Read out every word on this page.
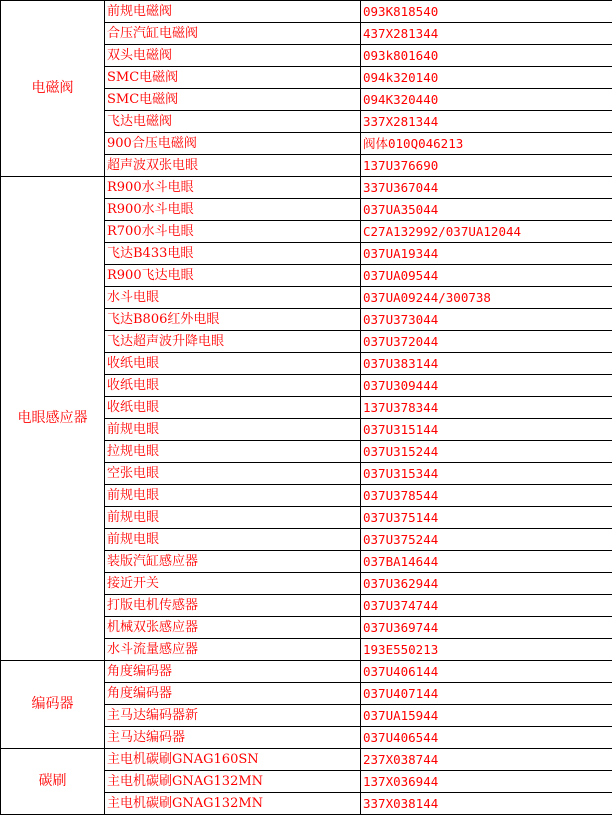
电磁阀	前规电磁阀	093K818540
	合压汽缸电磁阀	437X281344
	双头电磁阀	093k801640
	SMC电磁阀	094k320140
	SMC电磁阀	094K320440
	飞达电磁阀	337X281344
	900合压电磁阀	阀体010Q046213
	超声波双张电眼	137U376690
电眼感应器	R900水斗电眼	337U367044
	R900水斗电眼	037UA35044
	R700水斗电眼	C27A132992/037UA12044
	飞达B433电眼	037UA19344
	R900飞达电眼	037UA09544
	水斗电眼	037UA09244/300738
	飞达B806红外电眼	037U373044
	飞达超声波升降电眼	037U372044
	收纸电眼	037U383144
	收纸电眼	037U309444
	收纸电眼	137U378344
	前规电眼	037U315144
	拉规电眼	037U315244
	空张电眼	037U315344
	前规电眼	037U378544
	前规电眼	037U375144
	前规电眼	037U375244
	装版汽缸感应器	037BA14644
	接近开关	037U362944
	打版电机传感器	037U374744
	机械双张感应器	037U369744
	水斗流量感应器	193E550213
编码器	角度编码器	037U406144
	角度编码器	037U407144
	主马达编码器新	037UA15944
	主马达编码器	037U406544
碳刷	主电机碳刷GNAG160SN	237X038744
	主电机碳刷GNAG132MN	137X036944
	主电机碳刷GNAG132MN	337X038144
